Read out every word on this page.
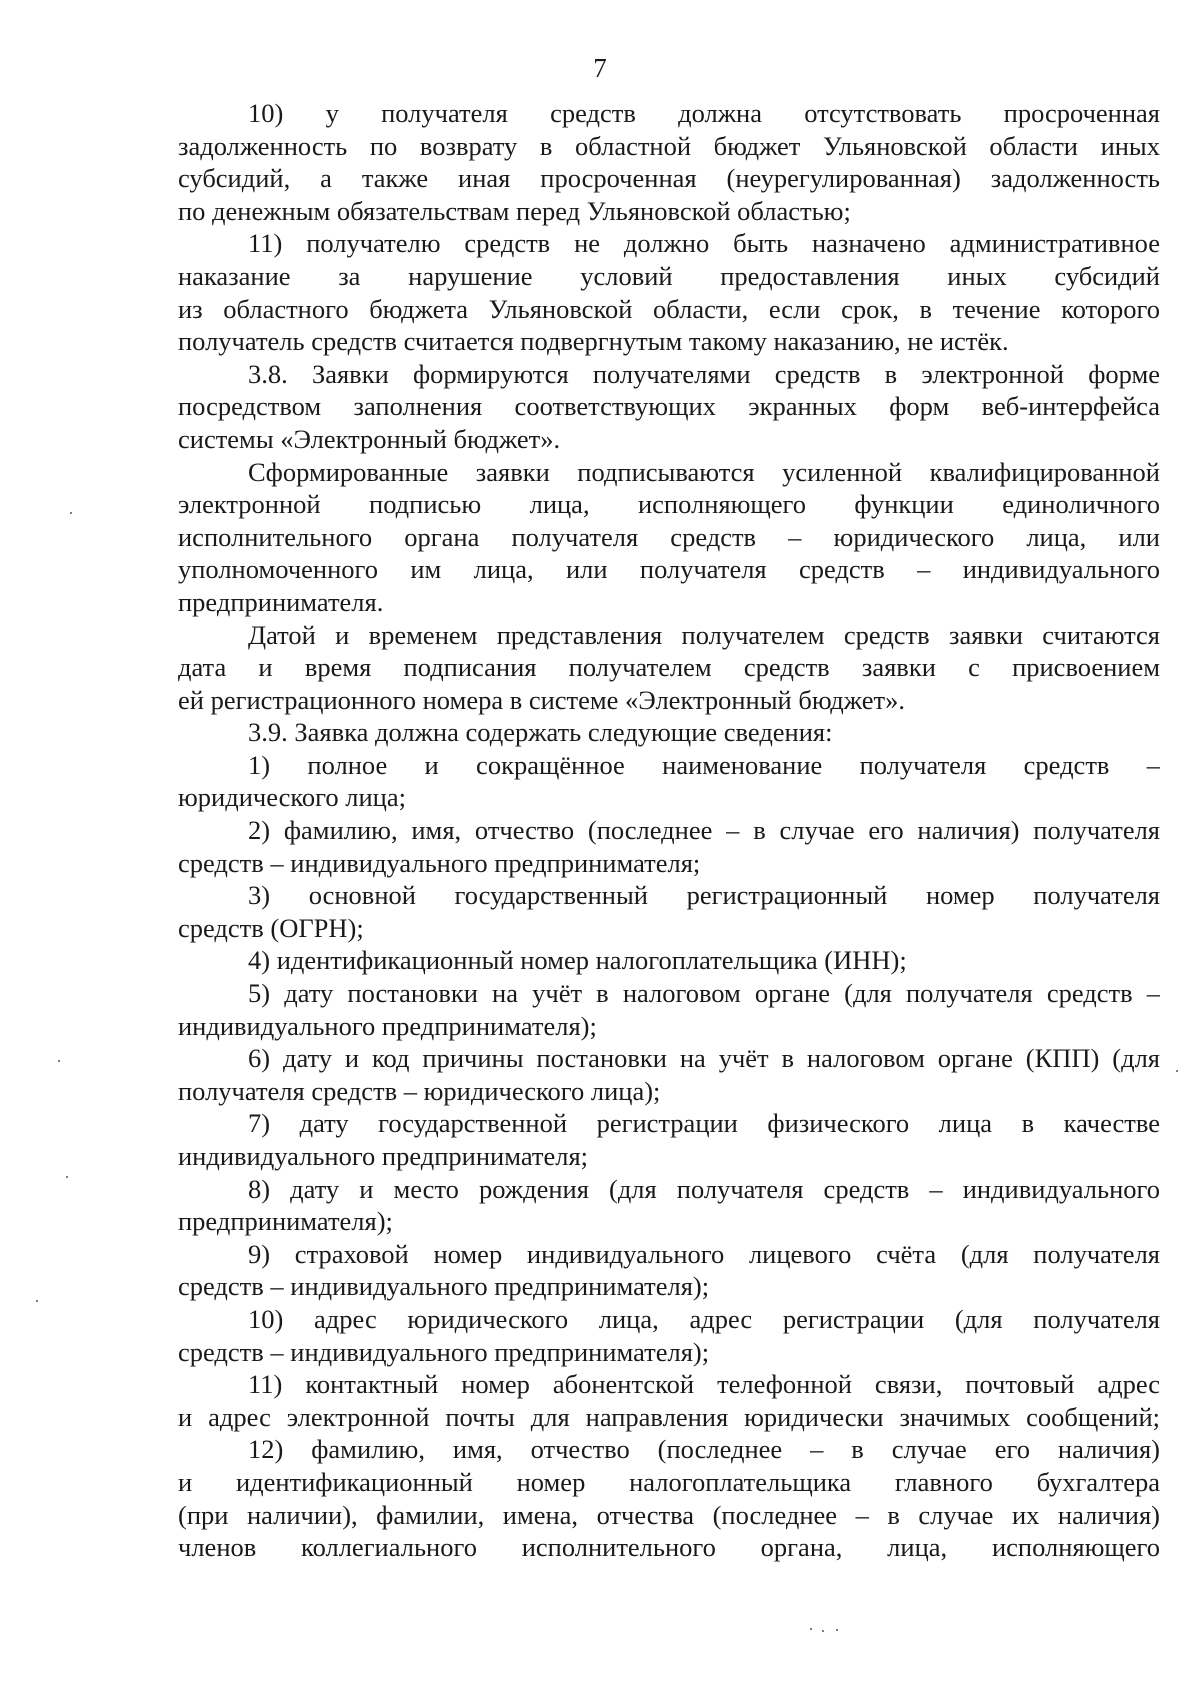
7
10) у получателя средств должна отсутствовать просроченная
задолженность по возврату в областной бюджет Ульяновской области иных
субсидий, а также иная просроченная (неурегулированная) задолженность
по денежным обязательствам перед Ульяновской областью;
11) получателю средств не должно быть назначено административное
наказание за нарушение условий предоставления иных субсидий
из областного бюджета Ульяновской области, если срок, в течение которого
получатель средств считается подвергнутым такому наказанию, не истёк.
3.8. Заявки формируются получателями средств в электронной форме
посредством заполнения соответствующих экранных форм веб-интерфейса
системы «Электронный бюджет».
Сформированные заявки подписываются усиленной квалифицированной
электронной подписью лица, исполняющего функции единоличного
исполнительного органа получателя средств – юридического лица, или
уполномоченного им лица, или получателя средств – индивидуального
предпринимателя.
Датой и временем представления получателем средств заявки считаются
дата и время подписания получателем средств заявки с присвоением
ей регистрационного номера в системе «Электронный бюджет».
3.9. Заявка должна содержать следующие сведения:
1) полное и сокращённое наименование получателя средств –
юридического лица;
2) фамилию, имя, отчество (последнее – в случае его наличия) получателя
средств – индивидуального предпринимателя;
3) основной государственный регистрационный номер получателя
средств (ОГРН);
4) идентификационный номер налогоплательщика (ИНН);
5) дату постановки на учёт в налоговом органе (для получателя средств –
индивидуального предпринимателя);
6) дату и код причины постановки на учёт в налоговом органе (КПП) (для
получателя средств – юридического лица);
7) дату государственной регистрации физического лица в качестве
индивидуального предпринимателя;
8) дату и место рождения (для получателя средств – индивидуального
предпринимателя);
9) страховой номер индивидуального лицевого счёта (для получателя
средств – индивидуального предпринимателя);
10) адрес юридического лица, адрес регистрации (для получателя
средств – индивидуального предпринимателя);
11) контактный номер абонентской телефонной связи, почтовый адрес
и адрес электронной почты для направления юридически значимых сообщений;
12) фамилию, имя, отчество (последнее – в случае его наличия)
и идентификационный номер налогоплательщика главного бухгалтера
(при наличии), фамилии, имена, отчества (последнее – в случае их наличия)
членов коллегиального исполнительного органа, лица, исполняющего
